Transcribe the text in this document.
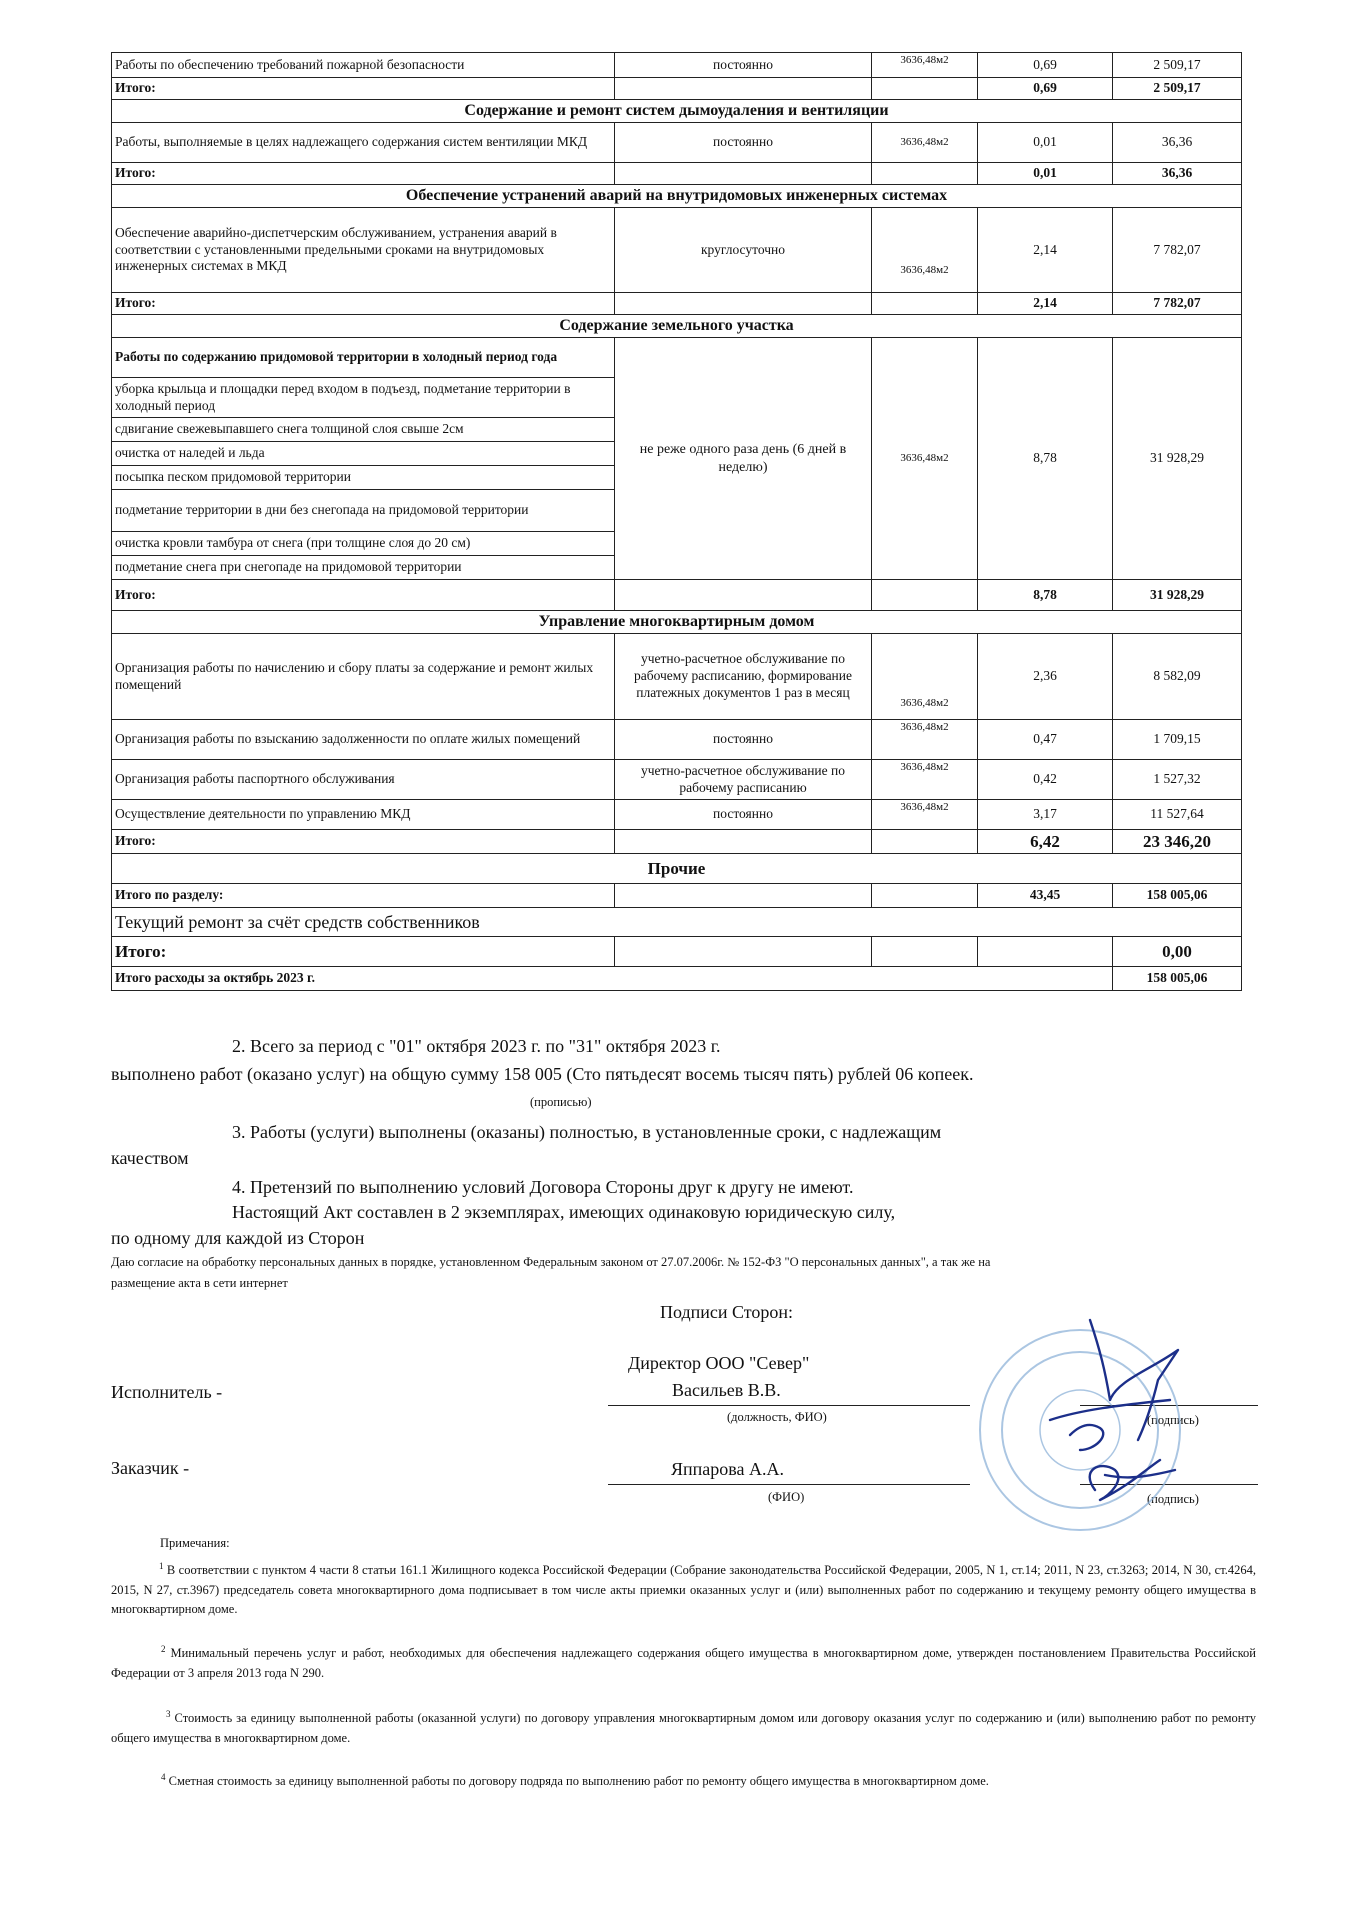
Работы по обеспечению требований пожарной безопасности	постоянно	3636,48м2	0,69	2 509,17
Итого:			0,69	2 509,17
Содержание и ремонт систем дымоудаления и вентиляции				
Работы, выполняемые в целях надлежащего содержания систем вентиляции МКД	постоянно	3636,48м2	0,01	36,36
Итого:			0,01	36,36
Обеспечение устранений аварий на внутридомовых инженерных системах				
Обеспечение аварийно-диспетчерским обслуживанием, устранения аварий в соответствии с установленными предельными сроками на внутридомовых инженерных системах в МКД	круглосуточно	3636,48м2	2,14	7 782,07
Итого:			2,14	7 782,07
Содержание земельного участка				
Работы по содержанию придомовой территории в холодный период года	не реже одного раза день (6 дней в неделю)	3636,48м2	8,78	31 928,29
уборка крыльца и площадки перед входом в подъезд, подметание территории в холодный период				
сдвигание свежевыпавшего снега толщиной слоя свыше 2см				
очистка от наледей и льда				
посыпка песком придомовой территории				
подметание территории в дни без снегопада на придомовой территории				
очистка кровли тамбура от снега (при толщине слоя до 20 см)				
подметание снега при снегопаде на придомовой территории				
Итого:			8,78	31 928,29
Управление многоквартирным домом				
Организация работы по начислению и сбору платы за содержание и ремонт жилых помещений	учетно-расчетное обслуживание по рабочему расписанию, формирование платежных документов 1 раз в месяц	3636,48м2	2,36	8 582,09
Организация работы по взысканию задолженности по оплате жилых помещений	постоянно	3636,48м2	0,47	1 709,15
Организация работы паспортного обслуживания	учетно-расчетное обслуживание по рабочему расписанию	3636,48м2	0,42	1 527,32
Осуществление деятельности по управлению МКД	постоянно	3636,48м2	3,17	11 527,64
Итого:			6,42	23 346,20
Прочие				
Итого по разделу:			43,45	158 005,06
Текущий ремонт за счёт средств собственников				
Итого:				0,00
Итого расходы за октябрь 2023 г.				158 005,06
2. Всего за период с "01" октября 2023 г. по "31" октября 2023 г.
выполнено работ (оказано услуг) на общую сумму 158 005 (Сто пятьдесят восемь тысяч пять) рублей 06 копеек.
(прописью)
3. Работы (услуги) выполнены (оказаны) полностью, в установленные сроки, с надлежащим
качеством
4. Претензий по выполнению условий Договора Стороны друг к другу не имеют.
Настоящий Акт составлен в 2 экземплярах, имеющих одинаковую юридическую силу,
по одному для каждой из Сторон
Даю согласие на обработку персональных данных в порядке, установленном Федеральным законом от 27.07.2006г. № 152-ФЗ "О персональных данных", а так же на
размещение акта в сети интернет
Подписи Сторон:
Исполнитель -
Директор ООО "Север"
Васильев В.В.
(должность, ФИО)	(подпись)
Заказчик -	Яппарова А.А.
(ФИО)	(подпись)
Примечания:
$^1$ В соответствии с пунктом 4 части 8 статьи 161.1 Жилищного кодекса Российской Федерации (Собрание законодательства Российской Федерации, 2005, N 1, ст.14; 2011, N 23, ст.3263; 2014, N 30, ст.4264, 2015, N 27, ст.3967) председатель совета многоквартирного дома подписывает в том числе акты приемки оказанных услуг и (или) выполненных работ по содержанию и текущему ремонту общего имущества в многоквартирном доме.
$^2$ Минимальный перечень услуг и работ, необходимых для обеспечения надлежащего содержания общего имущества в многоквартирном доме, утвержден постановлением Правительства Российской Федерации от 3 апреля 2013 года N 290.
$^3$ Стоимость за единицу выполненной работы (оказанной услуги) по договору управления многоквартирным домом или договору оказания услуг по содержанию и (или) выполнению работ по ремонту общего имущества в многоквартирном доме.
$^4$ Сметная стоимость за единицу выполненной работы по договору подряда по выполнению работ по ремонту общего имущества в многоквартирном доме.
